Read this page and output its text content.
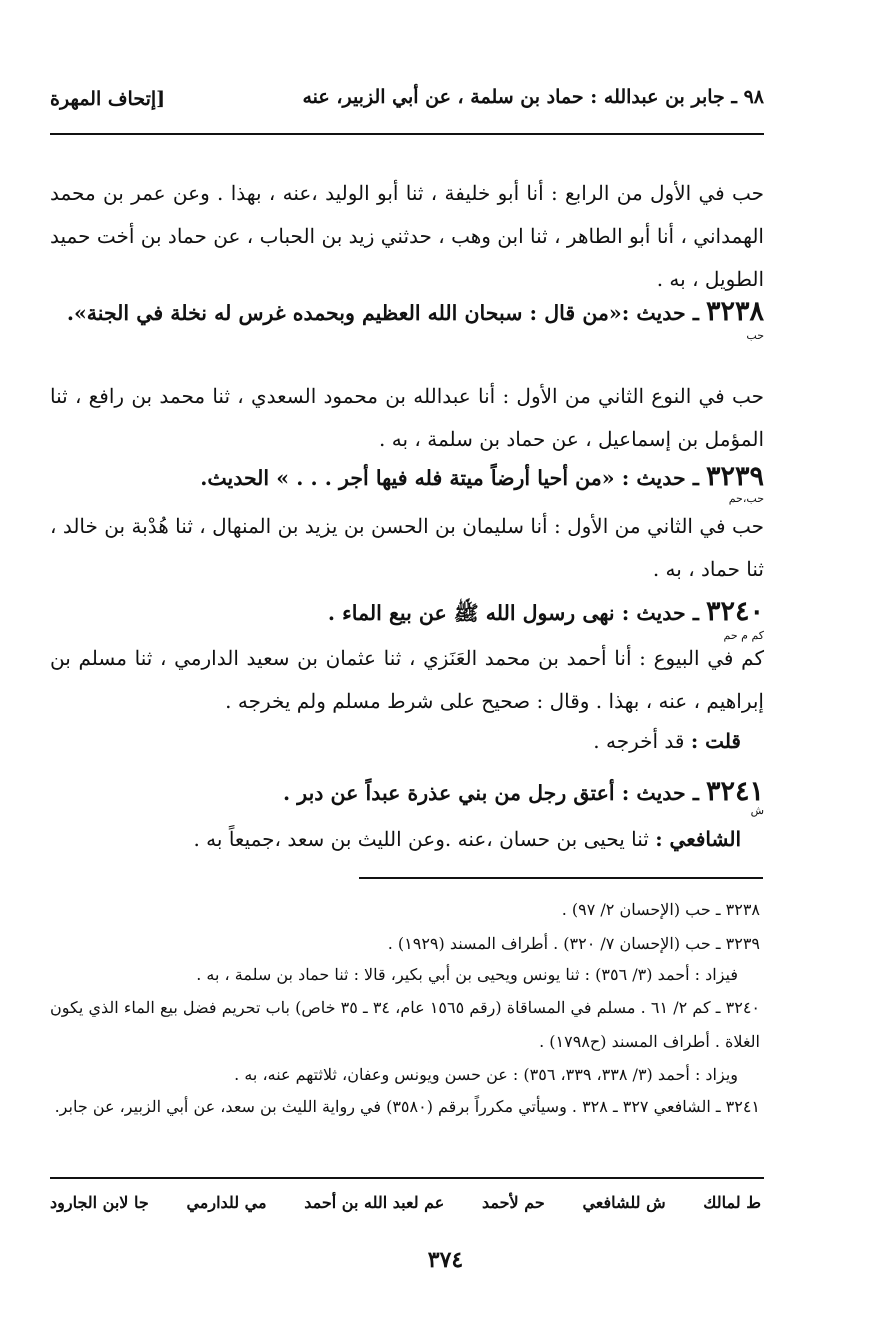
٩٨ ـ جابر بن عبدالله : حماد بن سلمة ، عن أبي الزبير، عنه
[إتحاف المهرة
حب في الأول من الرابع : أنا أبو خليفة ، ثنا أبو الوليد ،عنه ، بهذا . وعن عمر بن محمد الهمداني ، أنا أبو الطاهر ، ثنا ابن وهب ، حدثني زيد بن الحباب ، عن حماد بن أخت حميد الطويل ، به .
٣٢٣٨ ـ حديث :«من قال : سبحان الله العظيم وبحمده غرس له نخلة في الجنة».
حب
حب في النوع الثاني من الأول : أنا عبدالله بن محمود السعدي ، ثنا محمد بن رافع ، ثنا المؤمل بن إسماعيل ، عن حماد بن سلمة ، به .
٣٢٣٩ ـ حديث : «من أحيا أرضاً ميتة فله فيها أجر . . . » الحديث.
حب،حم
حب في الثاني من الأول : أنا سليمان بن الحسن بن يزيد بن المنهال ، ثنا هُدْبة بن خالد ، ثنا حماد ، به .
٣٢٤٠ ـ حديث : نهى رسول الله ﷺ عن بيع الماء .
كم م حم
كم في البيوع : أنا أحمد بن محمد العَنَزي ، ثنا عثمان بن سعيد الدارمي ، ثنا مسلم بن إبراهيم ، عنه ، بهذا . وقال : صحيح على شرط مسلم ولم يخرجه .
قلت : قد أخرجه .
٣٢٤١ ـ حديث : أعتق رجل من بني عذرة عبداً عن دبر .
ش
الشافعي : ثنا يحيى بن حسان ،عنه .وعن الليث بن سعد ،جميعاً به .
٣٢٣٨ ـ حب (الإحسان ٢/ ٩٧) .
٣٢٣٩ ـ حب (الإحسان ٧/ ٣٢٠) . أطراف المسند (١٩٢٩) .
فيزاد : أحمد (٣/ ٣٥٦) : ثنا يونس ويحيى بن أبي بكير، قالا : ثنا حماد بن سلمة ، به .
٣٢٤٠ ـ كم ٢/ ٦١ . مسلم في المساقاة (رقم ١٥٦٥ عام، ٣٤ ـ ٣٥ خاص) باب تحريم فضل بيع الماء الذي يكون الغلاة . أطراف المسند (ح١٧٩٨) .
ويزاد : أحمد (٣/ ٣٣٨، ٣٣٩، ٣٥٦) : عن حسن ويونس وعفان، ثلاثتهم عنه، به .
٣٢٤١ ـ الشافعي ٣٢٧ ـ ٣٢٨ . وسيأتي مكرراً برقم (٣٥٨٠) في رواية الليث بن سعد، عن أبي الزبير، عن جابر.
ط لمالك
ش للشافعي
حم لأحمد
عم لعبد الله بن أحمد
مي للدارمي
جا لابن الجارود
٣٧٤
